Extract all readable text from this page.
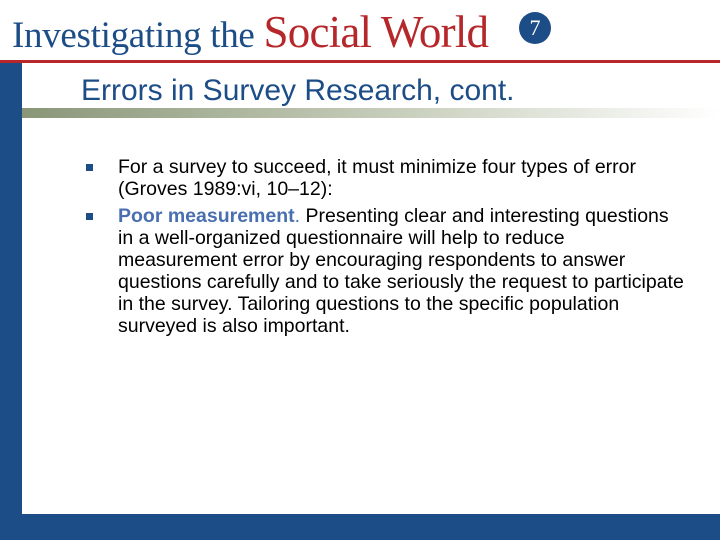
Investigating the Social World	7
Errors in Survey Research, cont.
For a survey to succeed, it must minimize four types of error (Groves 1989:vi, 10–12):
Poor measurement. Presenting clear and interesting questions in a well-organized questionnaire will help to reduce measurement error by encouraging respondents to answer questions carefully and to take seriously the request to participate in the survey. Tailoring questions to the specific population surveyed is also important.
